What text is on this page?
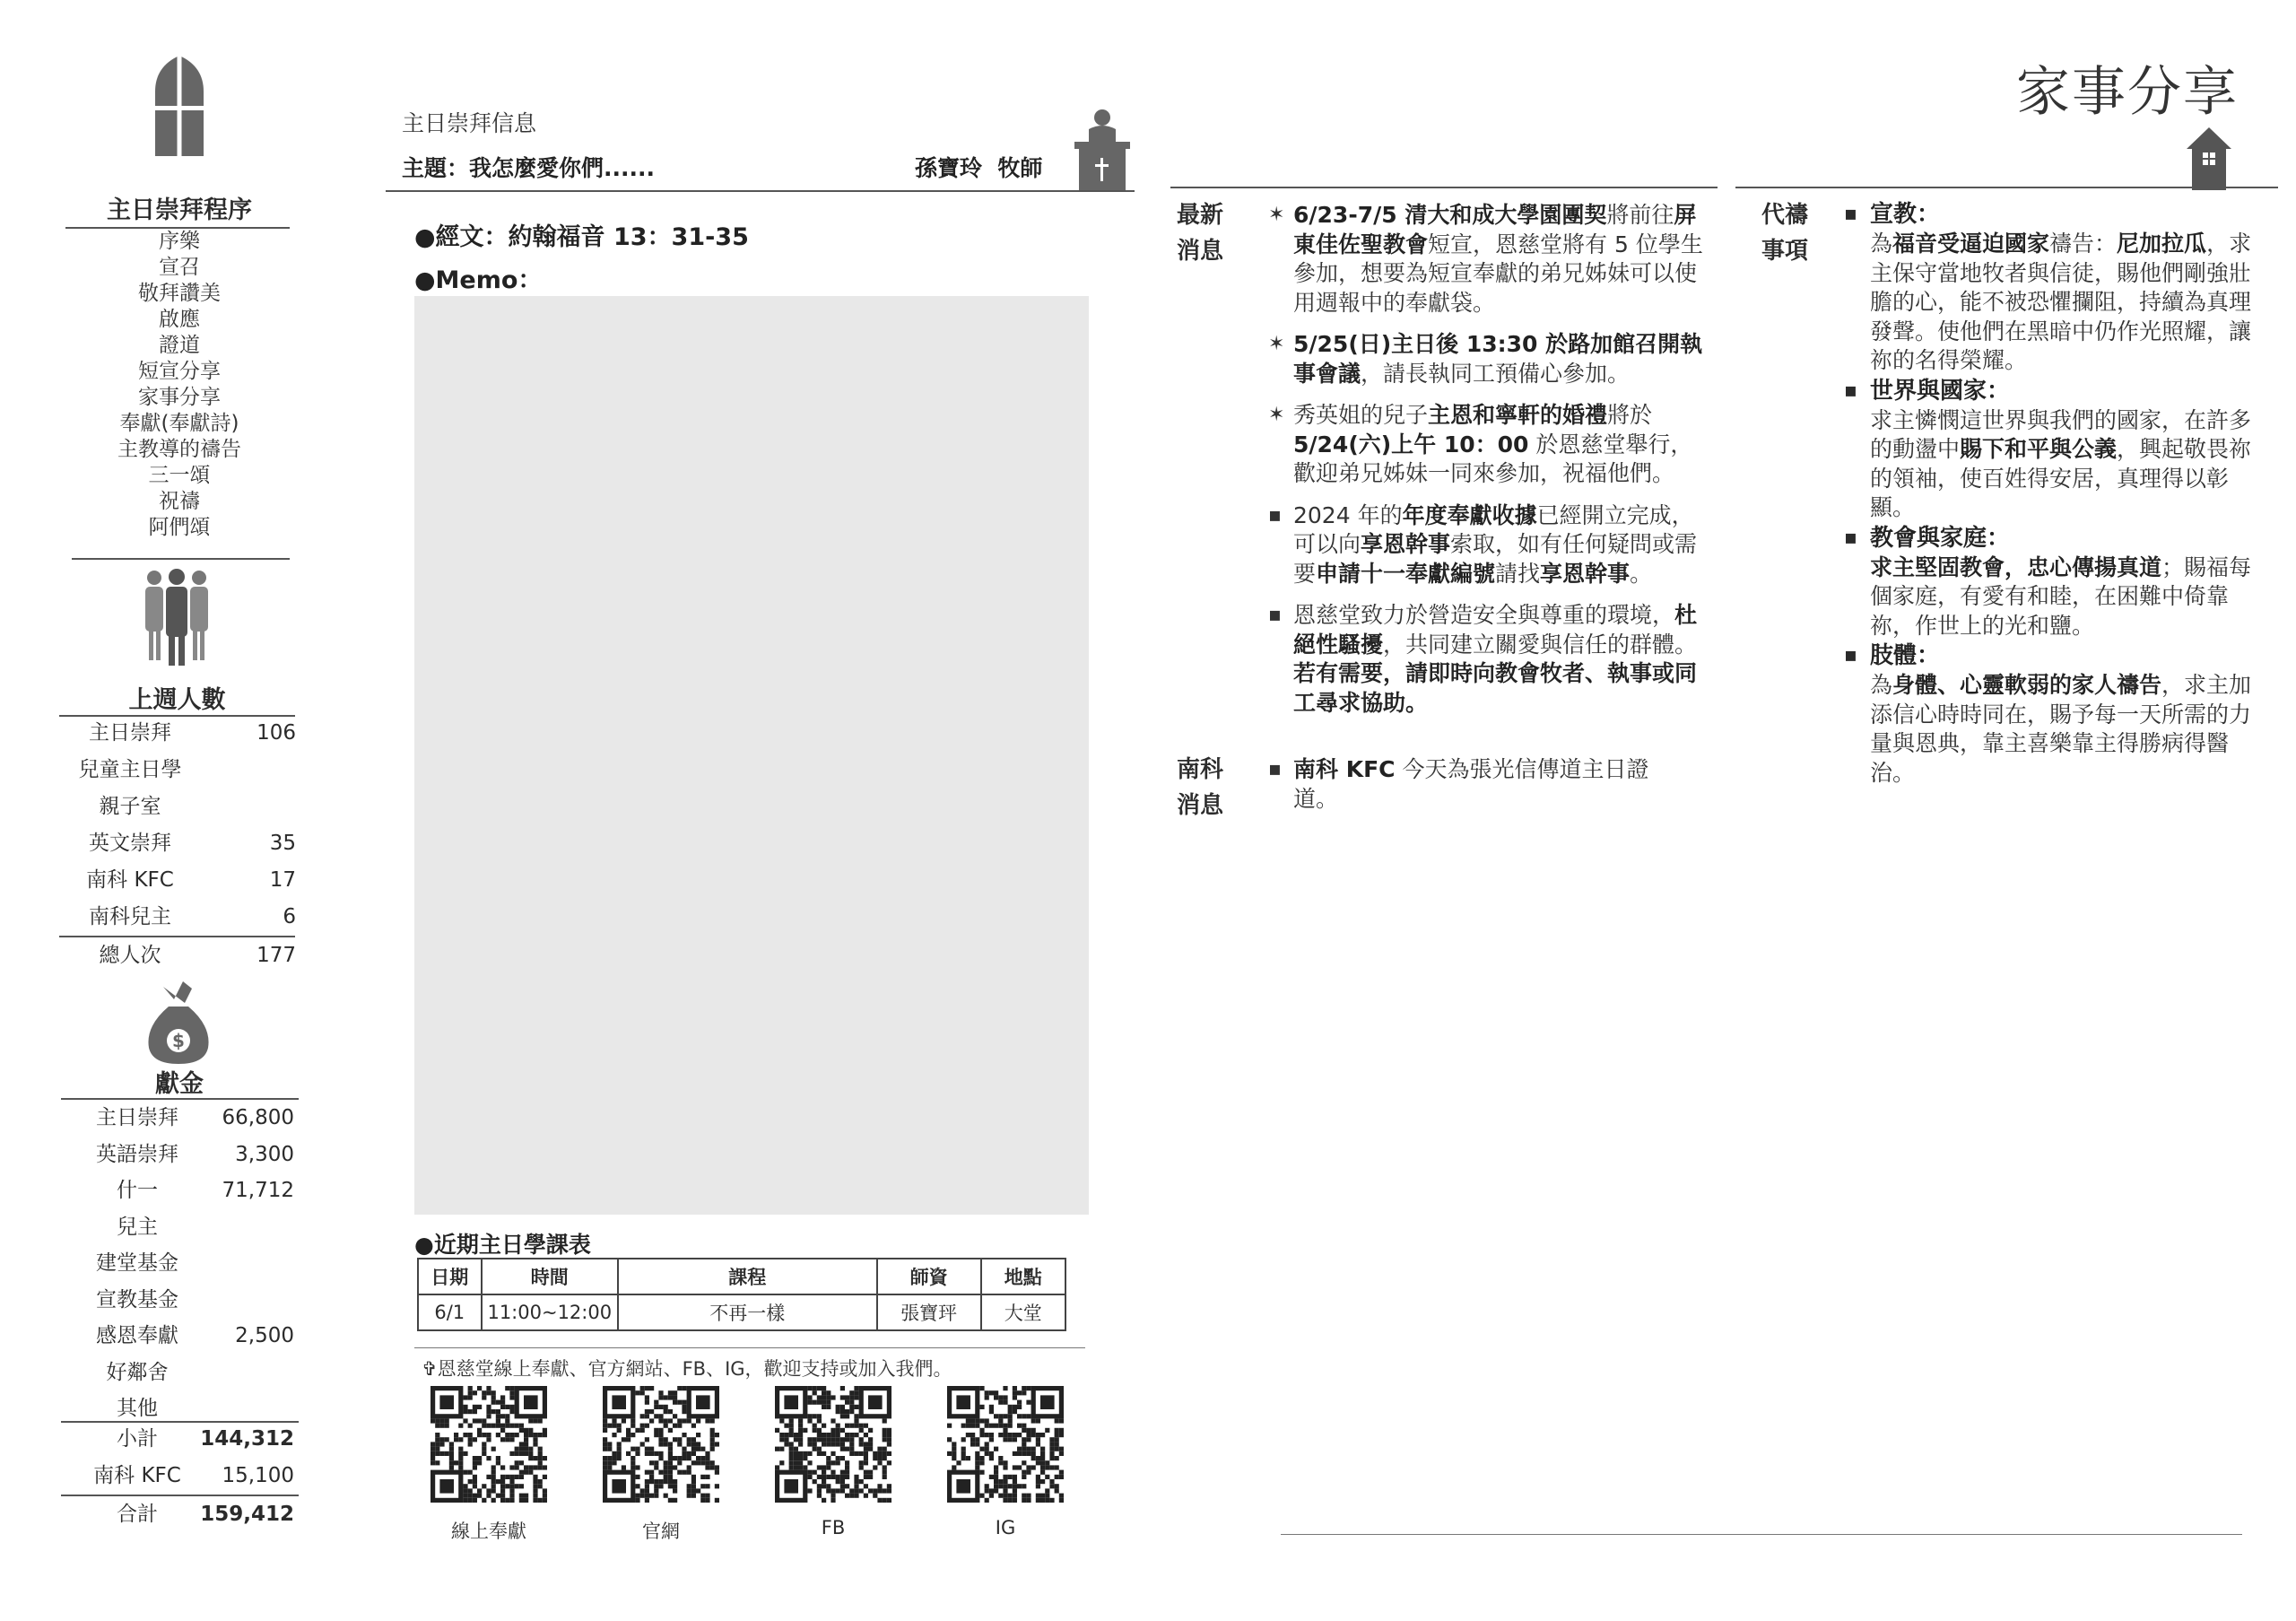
主日崇拜程序
序樂
宣召
敬拜讚美
啟應
證道
短宣分享
家事分享
奉獻(奉獻詩)
主教導的禱告
三一頌
祝禱
阿們頌
上週人數
主日崇拜	106
兒童主日學
親子室
英文崇拜	35
南科 KFC	17
南科兒主	6
總人次	177
$
獻金
主日崇拜	66,800
英語崇拜	3,300
什一	71,712
兒主
建堂基金
宣教基金
感恩奉獻	2,500
好鄰舍
其他
小計	144,312
南科 KFC	15,100
合計	159,412
主日崇拜信息
主題：我怎麼愛你們......	孫寶玲  牧師
●經文：約翰福音 13：31-35
●Memo：
●近期主日學課表
日期	時間	課程	師資	地點
6/1	11:00~12:00	不再一樣	張寶玶	大堂
✞恩慈堂線上奉獻、官方網站、FB、IG，歡迎支持或加入我們。
線上奉獻	官網	FB	IG
家事分享
最新
消息
✶ 6/23-7/5 清大和成大學園團契將前往屏東佳佐聖教會短宣，恩慈堂將有 5 位學生參加，想要為短宣奉獻的弟兄姊妹可以使用週報中的奉獻袋。

✶ 5/25(日)主日後 13:30 於路加館召開執事會議，請長執同工預備心參加。

✶ 秀英姐的兒子主恩和寧軒的婚禮將於5/24(六)上午 10：00 於恩慈堂舉行，歡迎弟兄姊妹一同來參加，祝福他們。

▪ 2024 年的年度奉獻收據已經開立完成，可以向享恩幹事索取，如有任何疑問或需要申請十一奉獻編號請找享恩幹事。

▪ 恩慈堂致力於營造安全與尊重的環境，杜絕性騷擾，共同建立關愛與信任的群體。若有需要，請即時向教會牧者、執事或同工尋求協助。

南科
消息
▪ 南科 KFC 今天為張光信傳道主日證道。

代禱
事項
▪ 宣教：

為福音受逼迫國家禱告：尼加拉瓜，求主保守當地牧者與信徒，賜他們剛強壯膽的心，能不被恐懼攔阻，持續為真理發聲。使他們在黑暗中仍作光照耀，讓祢的名得榮耀。

▪ 世界與國家：

求主憐憫這世界與我們的國家，在許多的動盪中賜下和平與公義，興起敬畏祢的領袖，使百姓得安居，真理得以彰顯。

▪ 教會與家庭：

求主堅固教會，忠心傳揚真道；賜福每個家庭，有愛有和睦，在困難中倚靠祢，作世上的光和鹽。

▪ 肢體：

為身體、心靈軟弱的家人禱告，求主加添信心時時同在，賜予每一天所需的力量與恩典，靠主喜樂靠主得勝病得醫治。
